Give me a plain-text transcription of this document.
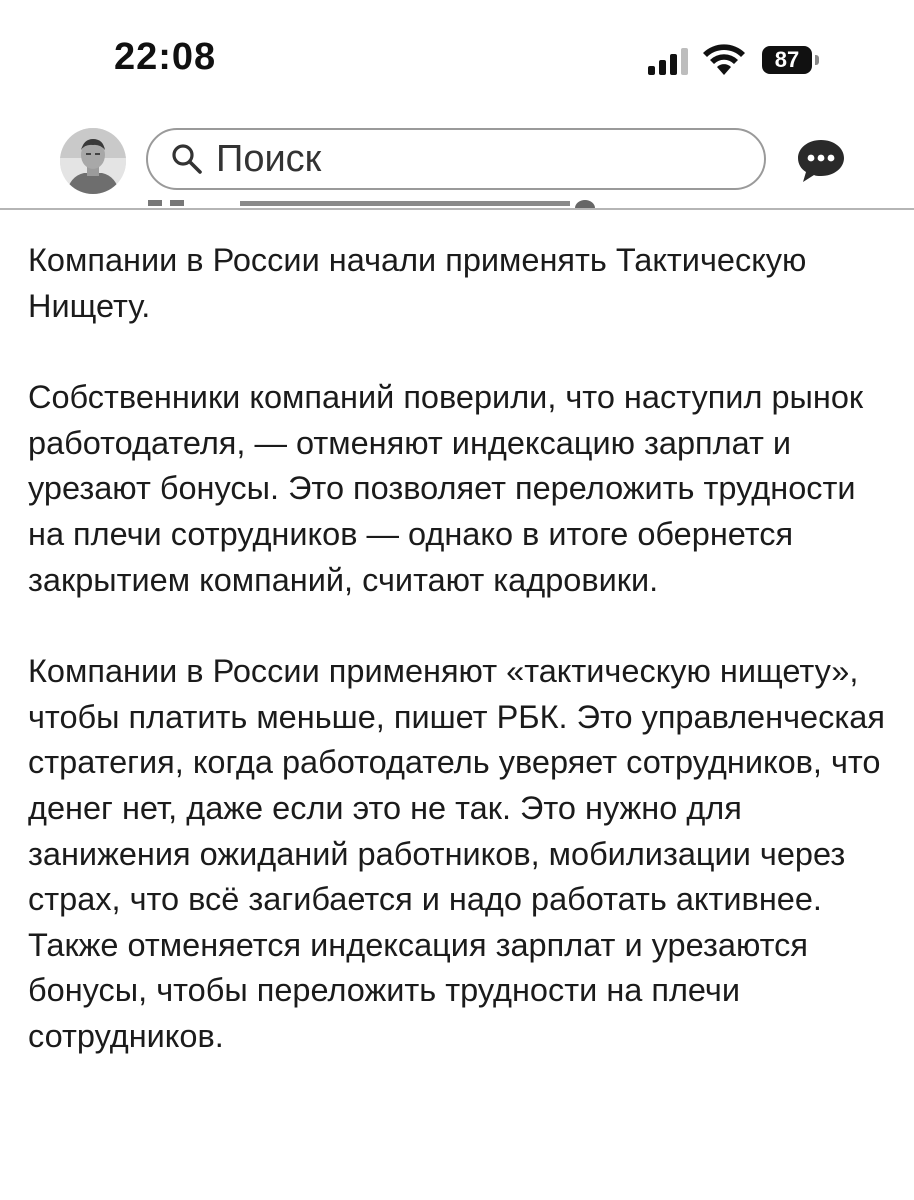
22:08	87
Поиск

Компании в России начали применять Тактическую Нищету.

Собственники компаний поверили, что наступил рынок работодателя, — отменяют индексацию зарплат и урезают бонусы. Это позволяет переложить трудности на плечи сотрудников — однако в итоге обернется закрытием компаний, считают кадровики.

Компании в России применяют «тактическую нищету», чтобы платить меньше, пишет РБК. Это управленческая стратегия, когда работодатель уверяет сотрудников, что денег нет, даже если это не так. Это нужно для занижения ожиданий работников, мобилизации через страх, что всё загибается и надо работать активнее. Также отменяется индексация зарплат и урезаются бонусы, чтобы переложить трудности на плечи сотрудников.
